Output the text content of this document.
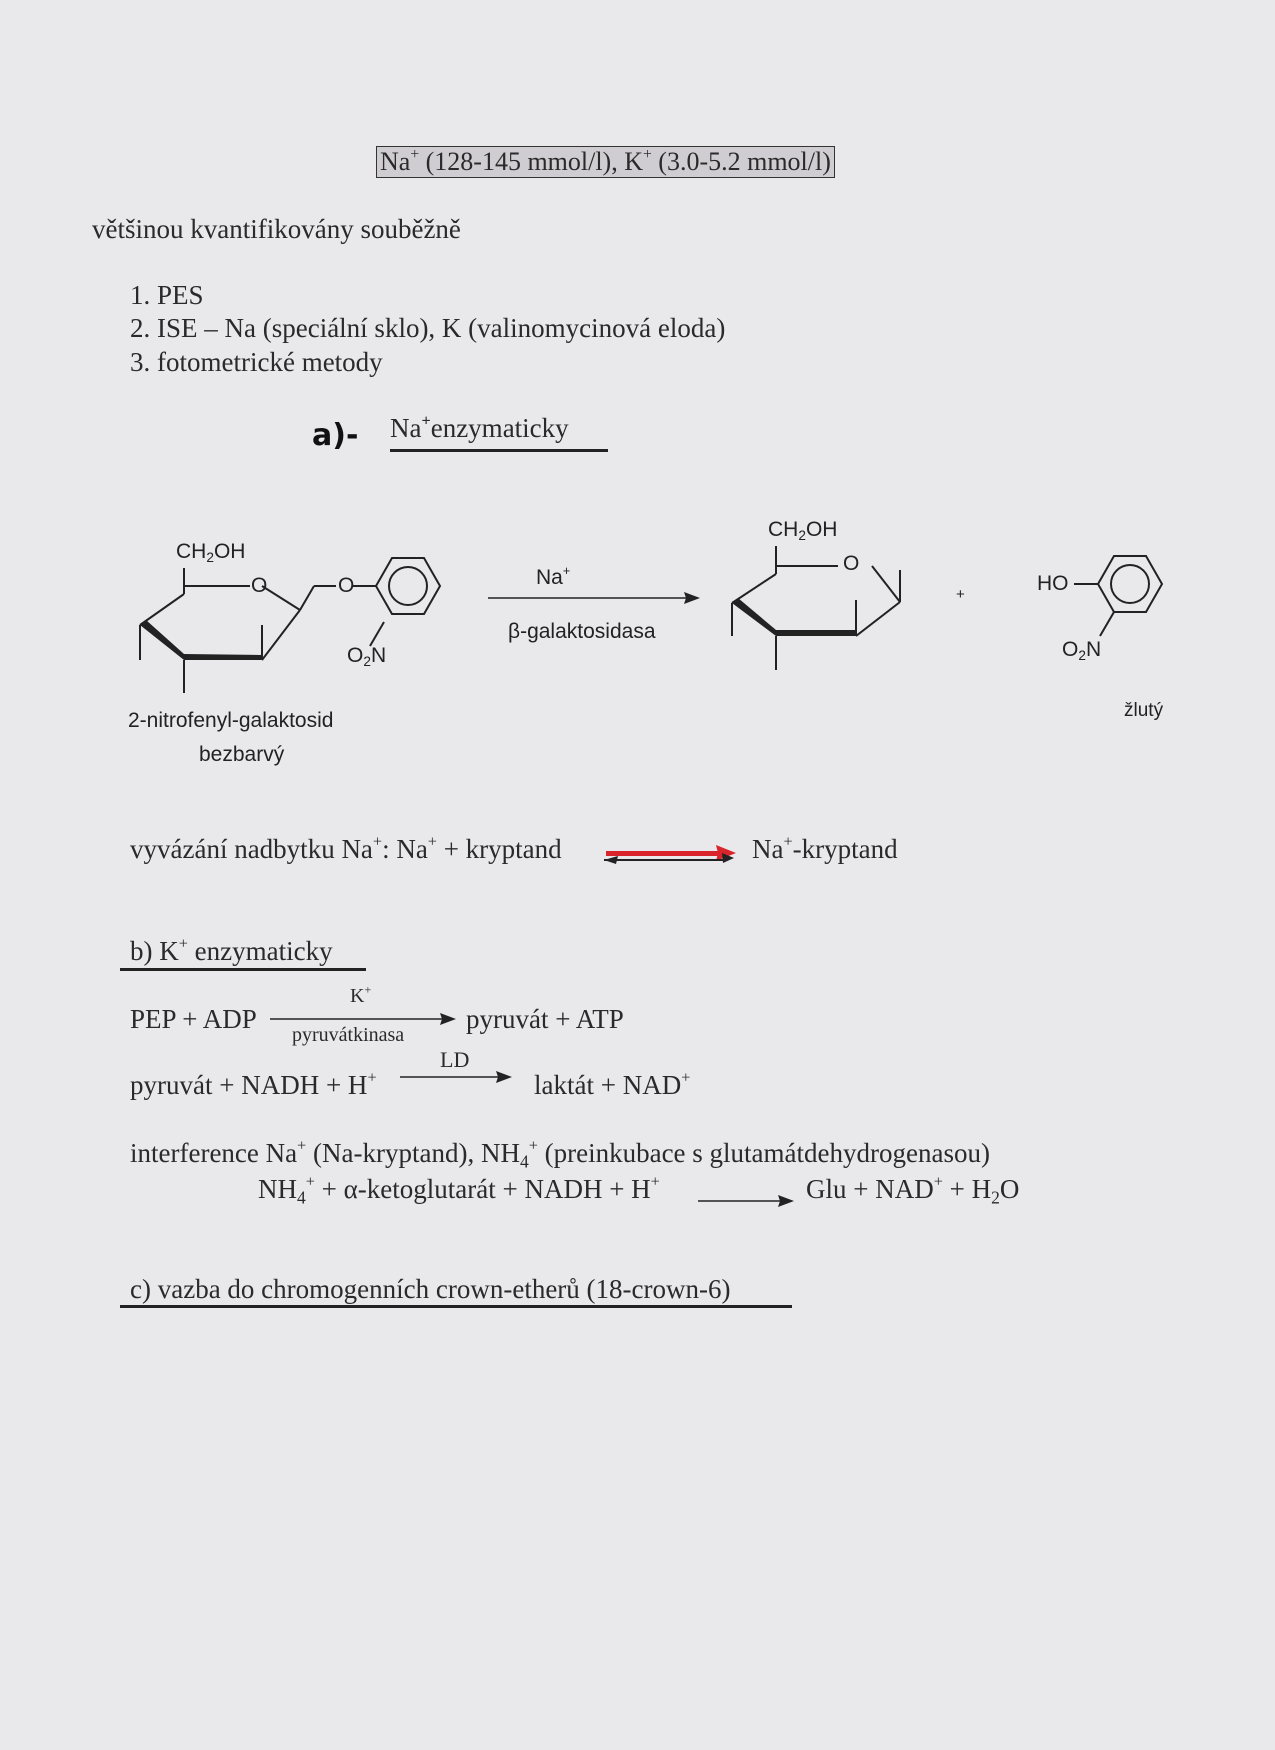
Na+ (128-145 mmol/l), K+ (3.0-5.2 mmol/l)
většinou kvantifikovány souběžně
1. PES
2. ISE – Na (speciální sklo), K (valinomycinová eloda)
3. fotometrické metody
a)- Na+enzymaticky
$CH_2OH$
O	O
$O_2N$
Na+
β-galaktosidasa
$CH_2OH$
O
+	HO
$O_2N$
2-nitrofenyl-galaktosid
bezbarvý
žlutý
vyvázání nadbytku Na+: Na+ + kryptand	Na+-kryptand
b) K+ enzymaticky
PEP + ADP
K+
pyruvátkinasa
pyruvát + ATP
pyruvát + NADH + H+
LD
laktát + NAD+
interference Na+ (Na-kryptand), $NH_4^+$ (preinkubace s glutamátdehydrogenasou)
$NH_4^+$ + α-ketoglutarát + NADH + H+	Glu + $NAD^+ + H_2O$
c) vazba do chromogenních crown-etherů (18-crown-6)
